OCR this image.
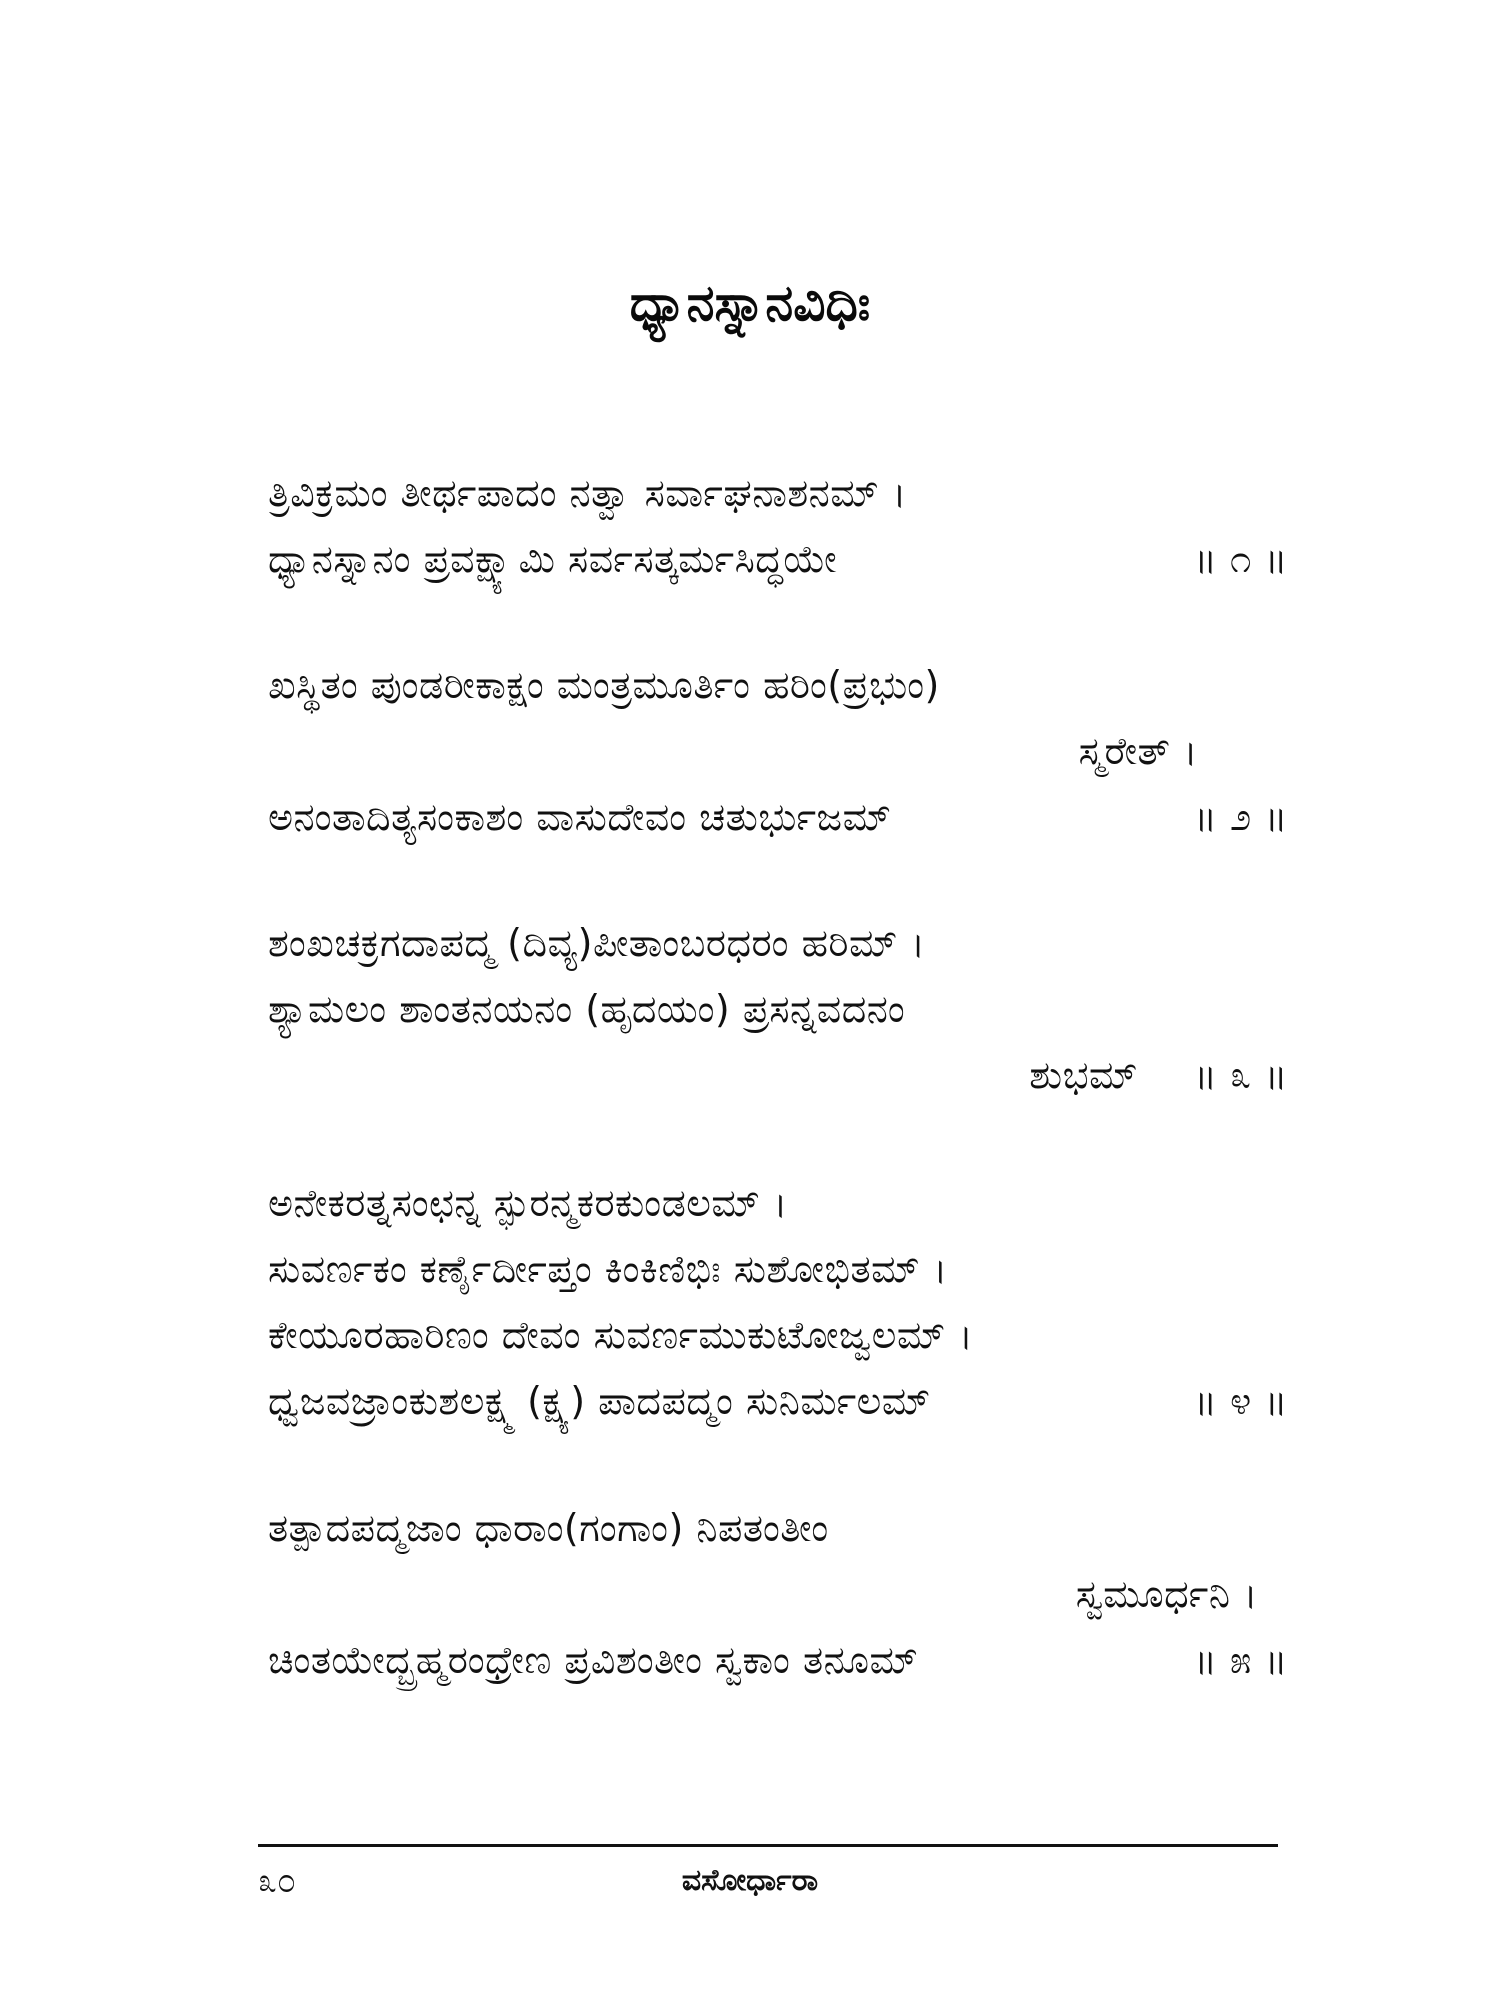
ಧ್ಯಾನಸ್ನಾನವಿಧಿಃ
ತ್ರಿವಿಕ್ರಮಂ ತೀರ್ಥಪಾದಂ ನತ್ವಾ ಸರ್ವಾಘನಾಶನಮ್ ।
ಧ್ಯಾನಸ್ನಾನಂ ಪ್ರವಕ್ಷ್ಯಾಮಿ ಸರ್ವಸತ್ಕರ್ಮಸಿದ್ಧಯೇ	॥ ೧ ॥
ಖಸ್ಥಿತಂ ಪುಂಡರೀಕಾಕ್ಷಂ ಮಂತ್ರಮೂರ್ತಿಂ ಹರಿಂ(ಪ್ರಭುಂ)
ಸ್ಮರೇತ್ ।
ಅನಂತಾದಿತ್ಯಸಂಕಾಶಂ ವಾಸುದೇವಂ ಚತುರ್ಭುಜಮ್	॥ ೨ ॥
ಶಂಖಚಕ್ರಗದಾಪದ್ಮ (ದಿವ್ಯ)ಪೀತಾಂಬರಧರಂ ಹರಿಮ್ ।
ಶ್ಯಾಮಲಂ ಶಾಂತನಯನಂ (ಹೃದಯಂ) ಪ್ರಸನ್ನವದನಂ
ಶುಭಮ್ ॥ ೩ ॥
ಅನೇಕರತ್ನಸಂಛನ್ನ ಸ್ಫುರನ್ಮಕರಕುಂಡಲಮ್ ।
ಸುವರ್ಣಕಂ ಕರ್ಣೈರ್ದೀಪ್ತಂ ಕಿಂಕಿಣಿಭಿಃ ಸುಶೋಭಿತಮ್ ।
ಕೇಯೂರಹಾರಿಣಂ ದೇವಂ ಸುವರ್ಣಮುಕುಟೋಜ್ವಲಮ್ ।
ಧ್ವಜವಜ್ರಾಂಕುಶಲಕ್ಷ್ಮ (ಕ್ಷ್ಯ) ಪಾದಪದ್ಮಂ ಸುನಿರ್ಮಲಮ್	॥ ೪ ॥
ತತ್ಪಾದಪದ್ಮಜಾಂ ಧಾರಾಂ(ಗಂಗಾಂ) ನಿಪತಂತೀಂ
ಸ್ವಮೂರ್ಧನಿ ।
ಚಿಂತಯೇದ್ಬ್ರಹ್ಮರಂಧ್ರೇಣ ಪ್ರವಿಶಂತೀಂ ಸ್ವಕಾಂ ತನೂಮ್	॥ ೫ ॥
೩೦	ವಸೋರ್ಧಾರಾ
